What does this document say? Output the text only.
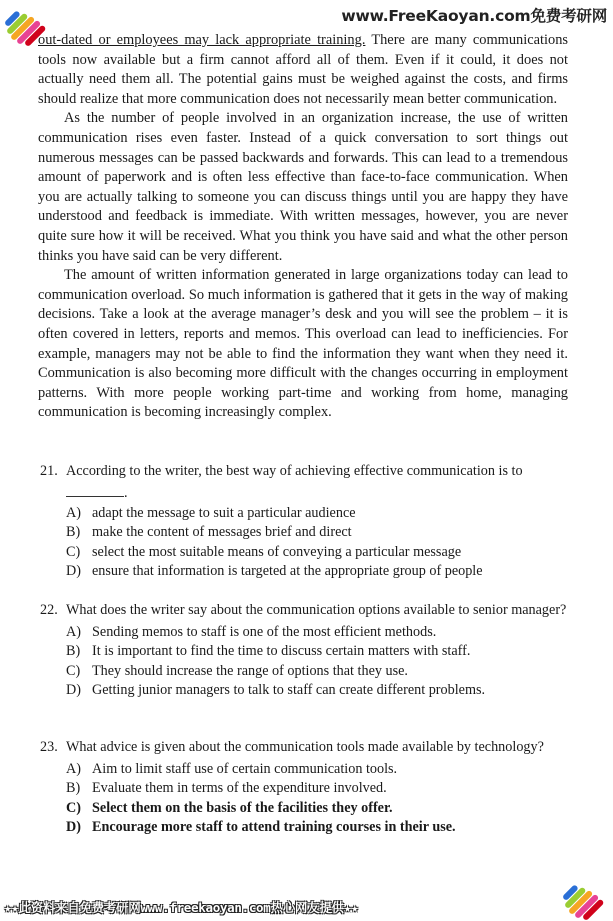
www.FreeKaoyan.com免费考研网

out-dated or employees may lack appropriate training. There are many communications tools now available but a firm cannot afford all of them. Even if it could, it does not actually need them all. The potential gains must be weighed against the costs, and firms should realize that more communication does not necessarily mean better communication.

As the number of people involved in an organization increase, the use of written communication rises even faster. Instead of a quick conversation to sort things out numerous messages can be passed backwards and forwards. This can lead to a tremendous amount of paperwork and is often less effective than face-to-face communication. When you are actually talking to someone you can discuss things until you are happy they have understood and feedback is immediate. With written messages, however, you are never quite sure how it will be received. What you think you have said and what the other person thinks you have said can be very different.

The amount of written information generated in large organizations today can lead to communication overload. So much information is gathered that it gets in the way of making decisions. Take a look at the average manager’s desk and you will see the problem – it is often covered in letters, reports and memos. This overload can lead to inefficiencies. For example, managers may not be able to find the information they want when they need it. Communication is also becoming more difficult with the changes occurring in employment patterns. With more people working part-time and working from home, managing communication is becoming increasingly complex.

21. According to the writer, the best way of achieving effective communication is to
.
A) adapt the message to suit a particular audience
B) make the content of messages brief and direct
C) select the most suitable means of conveying a particular message
D) ensure that information is targeted at the appropriate group of people
22. What does the writer say about the communication options available to senior manager?
A) Sending memos to staff is one of the most efficient methods.
B) It is important to find the time to discuss certain matters with staff.
C) They should increase the range of options that they use.
D) Getting junior managers to talk to staff can create different problems.
23. What advice is given about the communication tools made available by technology?
A) Aim to limit staff use of certain communication tools.
B) Evaluate them in terms of the expenditure involved.
C) Select them on the basis of the facilities they offer.
D) Encourage more staff to attend training courses in their use.
★★此资料来自免费考研网www.freekaoyan.com热心网友提供★★
